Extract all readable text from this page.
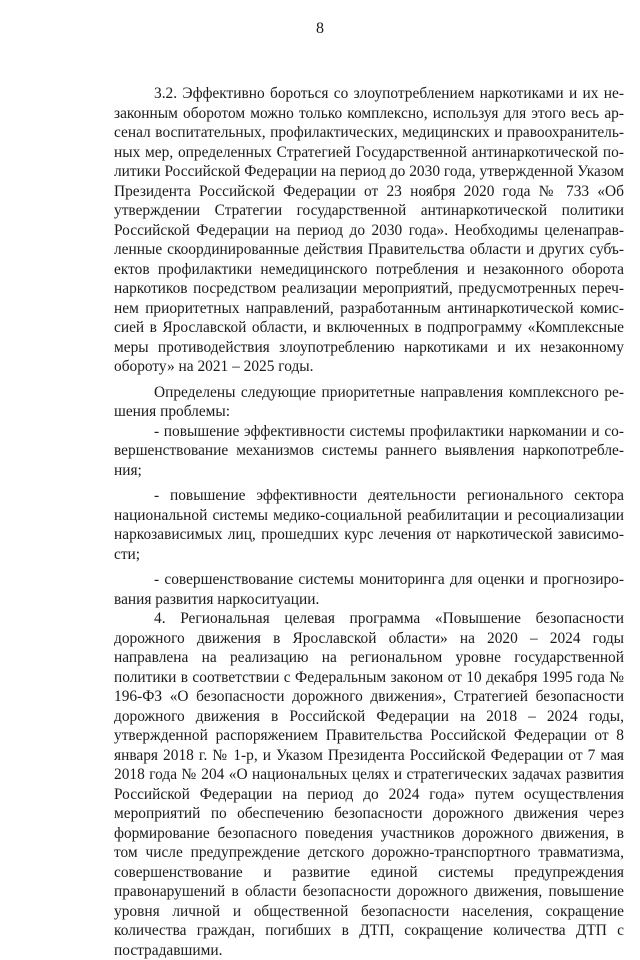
8

3.2. Эффективно бороться со злоупотреблением наркотиками и их незаконным оборотом можно только комплексно, используя для этого весь арсенал воспитательных, профилактических, медицинских и правоохранительных мер, определенных Стратегией Государственной антинаркотической политики Российской Федерации на период до 2030 года, утвержденной Указом Президента Российской Федерации от 23 ноября 2020 года № 733 «Об утверждении Стратегии государственной антинаркотической политики Российской Федерации на период до 2030 года». Необходимы целенаправленные скоординированные действия Правительства области и других субъектов профилактики немедицинского потребления и незаконного оборота наркотиков посредством реализации мероприятий, предусмотренных перечнем приоритетных направлений, разработанным антинаркотической комиссией в Ярославской области, и включенных в подпрограмму «Комплексные меры противодействия злоупотреблению наркотиками и их незаконному обороту» на 2021 – 2025 годы.

Определены следующие приоритетные направления комплексного решения проблемы:

- повышение эффективности системы профилактики наркомании и совершенствование механизмов системы раннего выявления наркопотребления;

- повышение эффективности деятельности регионального сектора национальной системы медико-социальной реабилитации и ресоциализации наркозависимых лиц, прошедших курс лечения от наркотической зависимости;

- совершенствование системы мониторинга для оценки и прогнозирования развития наркоситуации.

4. Региональная целевая программа «Повышение безопасности дорожного движения в Ярославской области» на 2020 – 2024 годы направлена на реализацию на региональном уровне государственной политики в соответствии с Федеральным законом от 10 декабря 1995 года № 196-ФЗ «О безопасности дорожного движения», Стратегией безопасности дорожного движения в Российской Федерации на 2018 – 2024 годы, утвержденной распоряжением Правительства Российской Федерации от 8 января 2018 г. № 1-р, и Указом Президента Российской Федерации от 7 мая 2018 года № 204 «О национальных целях и стратегических задачах развития Российской Федерации на период до 2024 года» путем осуществления мероприятий по обеспечению безопасности дорожного движения через формирование безопасного поведения участников дорожного движения, в том числе предупреждение детского дорожно-транспортного травматизма, совершенствование и развитие единой системы предупреждения правонарушений в области безопасности дорожного движения, повышение уровня личной и общественной безопасности населения, сокращение количества граждан, погибших в ДТП, сокращение количества ДТП с пострадавшими.
